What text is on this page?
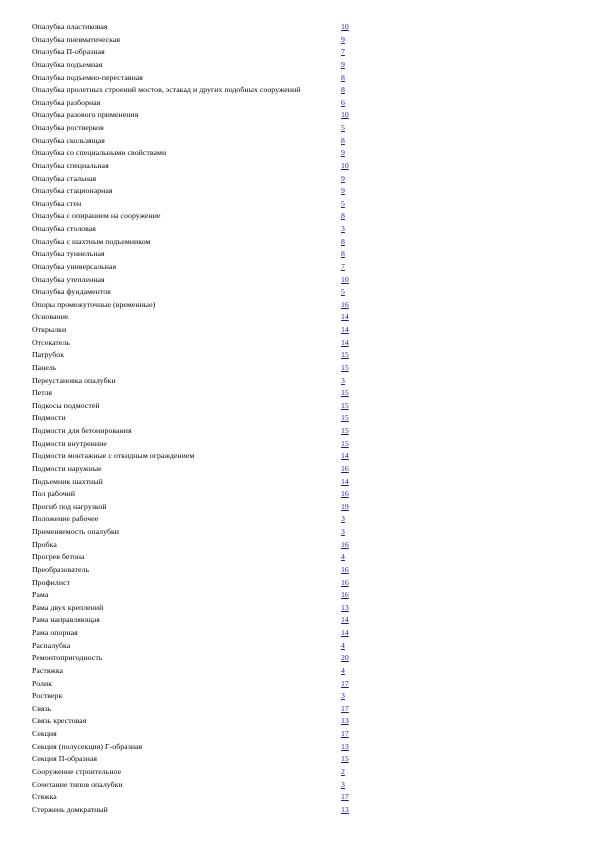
Опалубка пластиковая	10
Опалубка пневматическая	9
Опалубка П-образная	7
Опалубка подъемная	9
Опалубка подъемно-переставная	8
Опалубка пролетных строений мостов, эстакад и других подобных сооружений	8
Опалубка разборная	6
Опалубка разового применения	10
Опалубка ростверков	5
Опалубка скользящая	8
Опалубка со специальными свойствами	9
Опалубка специальная	10
Опалубка стальная	9
Опалубка стационарная	9
Опалубка стен	5
Опалубка с опиранием на сооружение	8
Опалубка столовая	3
Опалубка с шахтным подъемником	8
Опалубка туннельная	8
Опалубка универсальная	7
Опалубка утепленная	10
Опалубка фундаментов	5
Опоры промежуточные (временные)	16
Основание	14
Открылки	14
Отсекатель	14
Патрубок	15
Панель	15
Переустановка опалубки	3
Петля	15
Подкосы подмостей	15
Подмости	15
Подмости для бетонирования	15
Подмости внутренние	15
Подмости монтажные с откидным ограждением	14
Подмости наружные	16
Подъемник шахтный	14
Пол рабочий	16
Прогиб под нагрузкой	19
Положение рабочее	3
Применяемость опалубки	3
Пробка	16
Прогрев бетона	4
Преобразователь	16
Профилист	16
Рама	16
Рама двух креплений	13
Рама направляющая	14
Рама опорная	14
Распалубка	4
Ремонтопригодность	20
Растяжка	4
Ролик	17
Ростверк	3
Связь	17
Связь крестовая	13
Секция	17
Секция (полусекция) Г-образная	13
Секция П-образная	15
Сооружение строительное	2
Сочетание типов опалубки	3
Стяжка	17
Стержень домкратный	13
